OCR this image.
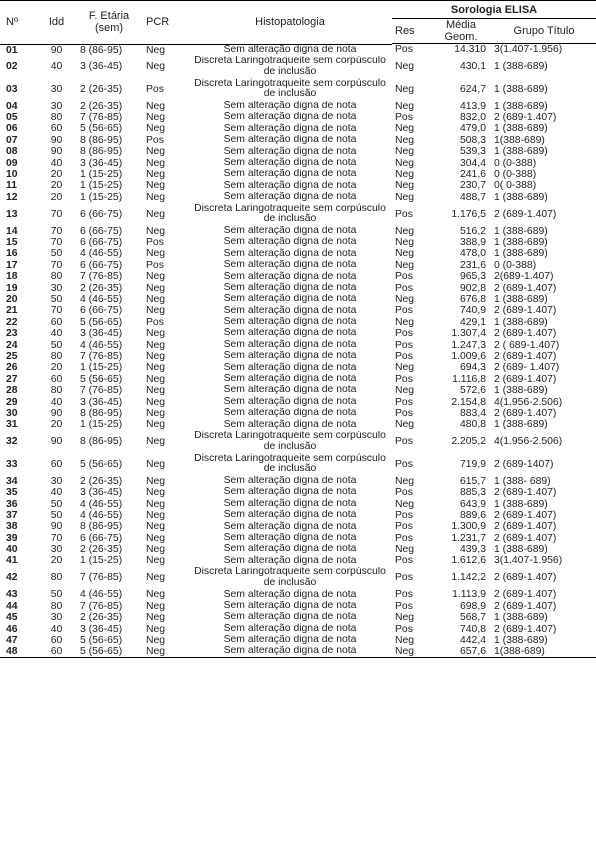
Nº	Idd	F. Etária (sem)	PCR	Histopatologia	Sorologia ELISA		
					Res	Média Geom.	Grupo Título

01	90	8 (86-95)	Neg	Sem alteração digna de nota	Pos	14.310	3(1.407-1.956)
02	40	3 (36-45)	Neg	Discreta Laringotraqueite sem corpúsculo de inclusão	Neg	430,1	1 (388-689)
03	30	2 (26-35)	Pos	Discreta Laringotraqueite sem corpúsculo de inclusão	Neg	624,7	1 (388-689)
04	30	2 (26-35)	Neg	Sem alteração digna de nota	Neg	413,9	1 (388-689)
05	80	7 (76-85)	Neg	Sem alteração digna de nota	Pos	832,0	2 (689-1.407)
06	60	5 (56-65)	Neg	Sem alteração digna de nota	Neg	479,0	1 (388-689)
07	90	8 (86-95)	Pos	Sem alteração digna de nota	Neg	508,3	1(388-689)
08	90	8 (86-95)	Neg	Sem alteração digna de nota	Neg	539,3	1 (388-689)
09	40	3 (36-45)	Neg	Sem alteração digna de nota	Neg	304,4	0 (0-388)
10	20	1 (15-25)	Neg	Sem alteração digna de nota	Neg	241,6	0 (0-388)
11	20	1 (15-25)	Neg	Sem alteração digna de nota	Neg	230,7	0( 0-388)
12	20	1 (15-25)	Neg	Sem alteração digna de nota	Neg	488,7	1 (388-689)
13	70	6 (66-75)	Neg	Discreta Laringotraqueite sem corpúsculo de inclusão	Pos	1.176,5	2 (689-1.407)
14	70	6 (66-75)	Neg	Sem alteração digna de nota	Neg	516,2	1 (388-689)
15	70	6 (66-75)	Pos	Sem alteração digna de nota	Neg	388,9	1 (388-689)
16	50	4 (46-55)	Neg	Sem alteração digna de nota	Neg	478,0	1 (388-689)
17	70	6 (66-75)	Pos	Sem alteração digna de nota	Neg	231,6	0 (0-388)
18	80	7 (76-85)	Neg	Sem alteração digna de nota	Pos	965,3	2(689-1.407)
19	30	2 (26-35)	Neg	Sem alteração digna de nota	Pos	902,8	2 (689-1.407)
20	50	4 (46-55)	Neg	Sem alteração digna de nota	Neg	676,8	1 (388-689)
21	70	6 (66-75)	Neg	Sem alteração digna de nota	Pos	740,9	2 (689-1.407)
22	60	5 (56-65)	Pos	Sem alteração digna de nota	Neg	429,1	1 (388-689)
23	40	3 (36-45)	Neg	Sem alteração digna de nota	Pos	1.307,4	2 (689-1.407)
24	50	4 (46-55)	Neg	Sem alteração digna de nota	Pos	1.247,3	2 ( 689-1.407)
25	80	7 (76-85)	Neg	Sem alteração digna de nota	Pos	1.009,6	2 (689-1.407)
26	20	1 (15-25)	Neg	Sem alteração digna de nota	Neg	694,3	2 (689- 1.407)
27	60	5 (56-65)	Neg	Sem alteração digna de nota	Pos	1.116,8	2 (689-1.407)
28	80	7 (76-85)	Neg	Sem alteração digna de nota	Neg	572,6	1 (388-689)
29	40	3 (36-45)	Neg	Sem alteração digna de nota	Pos	2.154,8	4(1.956-2.506)
30	90	8 (86-95)	Neg	Sem alteração digna de nota	Pos	883,4	2 (689-1.407)
31	20	1 (15-25)	Neg	Sem alteração digna de nota	Neg	480,8	1 (388-689)
32	90	8 (86-95)	Neg	Discreta Laringotraqueite sem corpúsculo de inclusão	Pos	2.205,2	4(1.956-2.506)
33	60	5 (56-65)	Neg	Discreta Laringotraqueite sem corpúsculo de inclusão	Pos	719,9	2 (689-1407)
34	30	2 (26-35)	Neg	Sem alteração digna de nota	Neg	615,7	1 (388- 689)
35	40	3 (36-45)	Neg	Sem alteração digna de nota	Pos	885,3	2 (689-1.407)
36	50	4 (46-55)	Neg	Sem alteração digna de nota	Neg	643,9	1 (388-689)
37	50	4 (46-55)	Neg	Sem alteração digna de nota	Pos	889,6	2 (689-1.407)
38	90	8 (86-95)	Neg	Sem alteração digna de nota	Pos	1.300,9	2 (689-1.407)
39	70	6 (66-75)	Neg	Sem alteração digna de nota	Pos	1.231,7	2 (689-1.407)
40	30	2 (26-35)	Neg	Sem alteração digna de nota	Neg	439,3	1 (388-689)
41	20	1 (15-25)	Neg	Sem alteração digna de nota	Pos	1.612,6	3(1.407-1.956)
42	80	7 (76-85)	Neg	Discreta Laringotraqueite sem corpúsculo de inclusão	Pos	1.142,2	2 (689-1.407)
43	50	4 (46-55)	Neg	Sem alteração digna de nota	Pos	1.113,9	2 (689-1.407)
44	80	7 (76-85)	Neg	Sem alteração digna de nota	Pos	698,9	2 (689-1.407)
45	30	2 (26-35)	Neg	Sem alteração digna de nota	Neg	568,7	1 (388-689)
46	40	3 (36-45)	Neg	Sem alteração digna de nota	Pos	740,8	2 (689-1.407)
47	60	5 (56-65)	Neg	Sem alteração digna de nota	Neg	442,4	1 (388-689)
48	60	5 (56-65)	Neg	Sem alteração digna de nota	Neg	657,6	1(388-689)
